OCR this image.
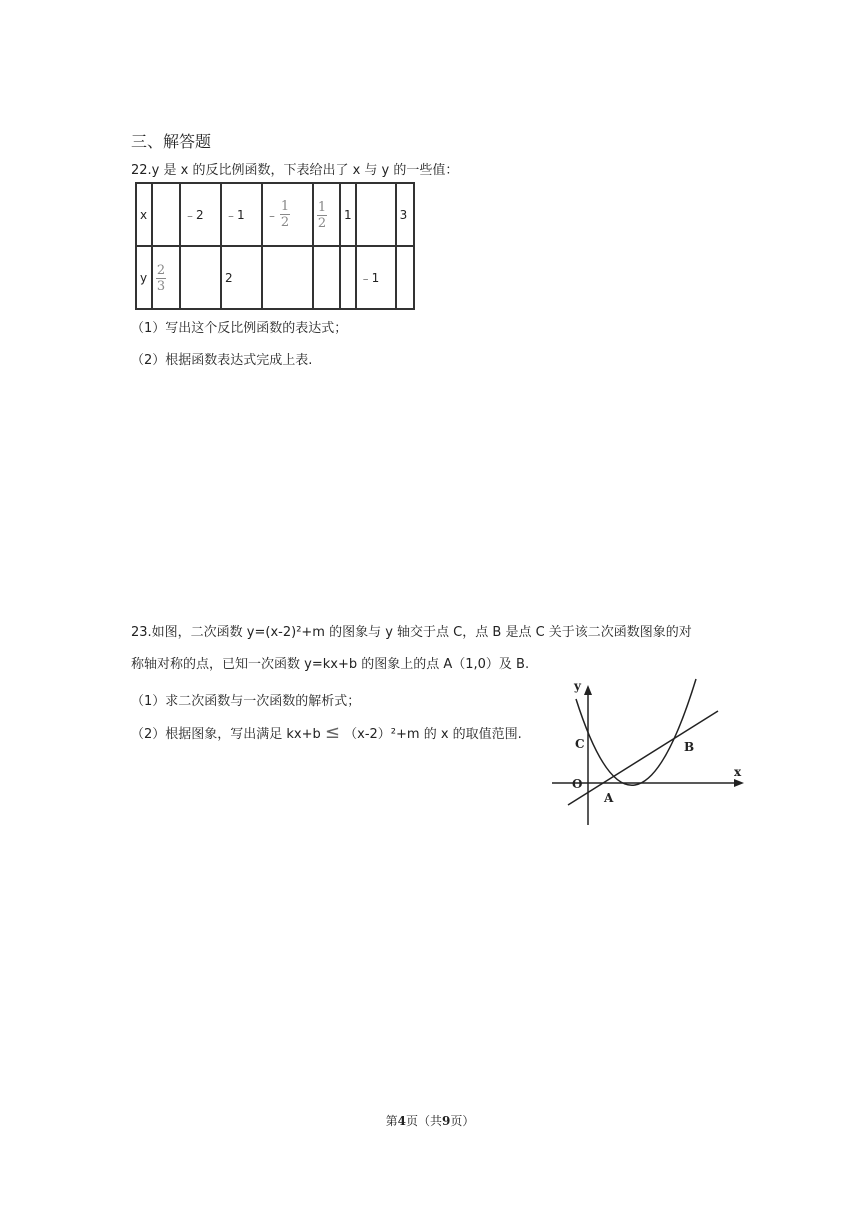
三、解答题
22.y 是 x 的反比例函数，下表给出了 x 与 y 的一些值：
x		﹣2	﹣1	﹣ $\frac{1}{2}$	$\frac{1}{2}$	1		3
y	$\frac{2}{3}$		2				﹣1	
（1）写出这个反比例函数的表达式；
（2）根据函数表达式完成上表.
23.如图，二次函数 y=(x-2)²+m 的图象与 y 轴交于点 C，点 B 是点 C 关于该二次函数图象的对
称轴对称的点，已知一次函数 y=kx+b 的图象上的点 A（1,0）及 B.
（1）求二次函数与一次函数的解析式；
（2）根据图象，写出满足 kx+b ≤ （x-2）²+m 的 x 的取值范围.
y
x
O
A
B
C
第4页（共9页）
